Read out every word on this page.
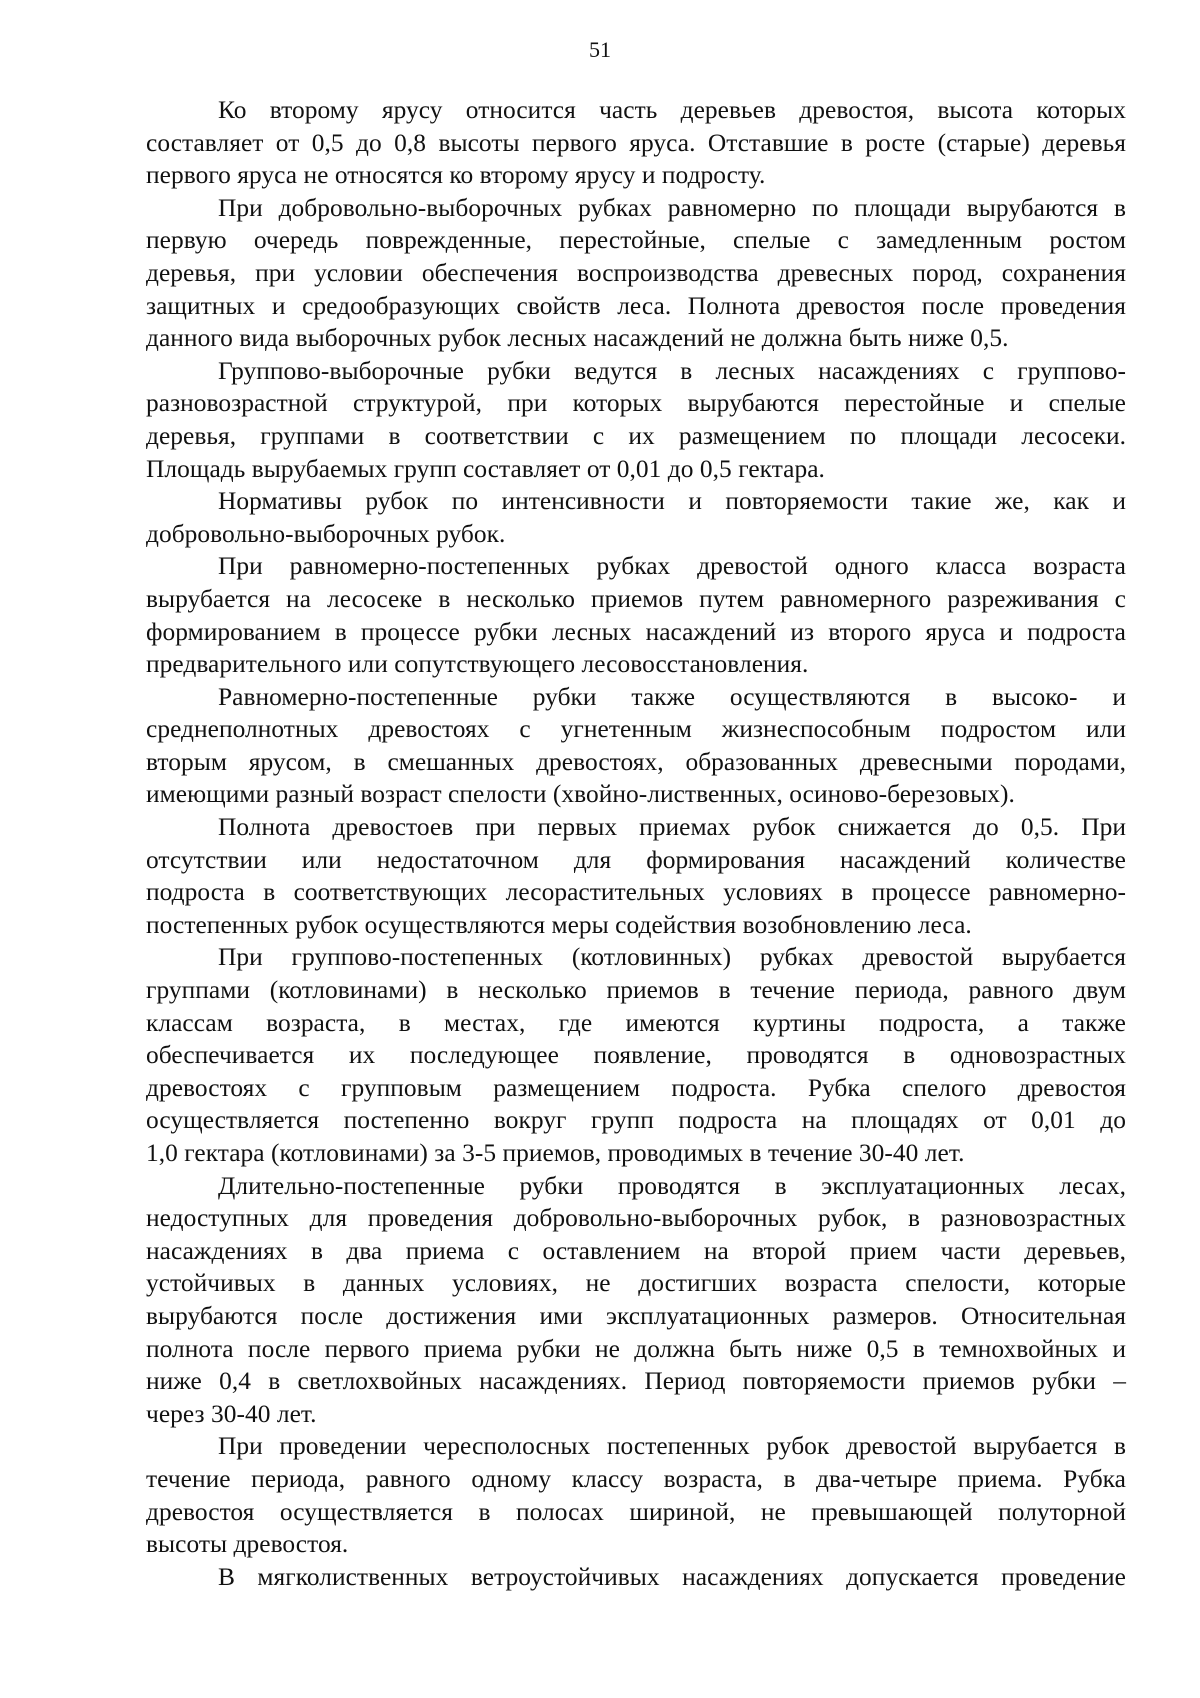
51

Ко второму ярусу относится часть деревьев древостоя, высота которых
составляет от 0,5 до 0,8 высоты первого яруса. Отставшие в росте (старые) деревья
первого яруса не относятся ко второму ярусу и подросту.

При добровольно-выборочных рубках равномерно по площади вырубаются в
первую очередь поврежденные, перестойные, спелые с замедленным ростом
деревья, при условии обеспечения воспроизводства древесных пород, сохранения
защитных и средообразующих свойств леса. Полнота древостоя после проведения
данного вида выборочных рубок лесных насаждений не должна быть ниже 0,5.

Группово-выборочные рубки ведутся в лесных насаждениях с группово-
разновозрастной структурой, при которых вырубаются перестойные и спелые
деревья, группами в соответствии с их размещением по площади лесосеки.
Площадь вырубаемых групп составляет от 0,01 до 0,5 гектара.

Нормативы рубок по интенсивности и повторяемости такие же, как и
добровольно-выборочных рубок.

При равномерно-постепенных рубках древостой одного класса возраста
вырубается на лесосеке в несколько приемов путем равномерного разреживания с
формированием в процессе рубки лесных насаждений из второго яруса и подроста
предварительного или сопутствующего лесовосстановления.

Равномерно-постепенные рубки также осуществляются в высоко- и
среднеполнотных древостоях с угнетенным жизнеспособным подростом или
вторым ярусом, в смешанных древостоях, образованных древесными породами,
имеющими разный возраст спелости (хвойно-лиственных, осиново-березовых).

Полнота древостоев при первых приемах рубок снижается до 0,5. При
отсутствии или недостаточном для формирования насаждений количестве
подроста в соответствующих лесорастительных условиях в процессе равномерно-
постепенных рубок осуществляются меры содействия возобновлению леса.

При группово-постепенных (котловинных) рубках древостой вырубается
группами (котловинами) в несколько приемов в течение периода, равного двум
классам возраста, в местах, где имеются куртины подроста, а также
обеспечивается их последующее появление, проводятся в одновозрастных
древостоях с групповым размещением подроста. Рубка спелого древостоя
осуществляется постепенно вокруг групп подроста на площадях от 0,01 до
1,0 гектара (котловинами) за 3-5 приемов, проводимых в течение 30-40 лет.

Длительно-постепенные рубки проводятся в эксплуатационных лесах,
недоступных для проведения добровольно-выборочных рубок, в разновозрастных
насаждениях в два приема с оставлением на второй прием части деревьев,
устойчивых в данных условиях, не достигших возраста спелости, которые
вырубаются после достижения ими эксплуатационных размеров. Относительная
полнота после первого приема рубки не должна быть ниже 0,5 в темнохвойных и
ниже 0,4 в светлохвойных насаждениях. Период повторяемости приемов рубки –
через 30-40 лет.

При проведении чересполосных постепенных рубок древостой вырубается в
течение периода, равного одному классу возраста, в два-четыре приема. Рубка
древостоя осуществляется в полосах шириной, не превышающей полуторной
высоты древостоя.

В мягколиственных ветроустойчивых насаждениях допускается проведение
